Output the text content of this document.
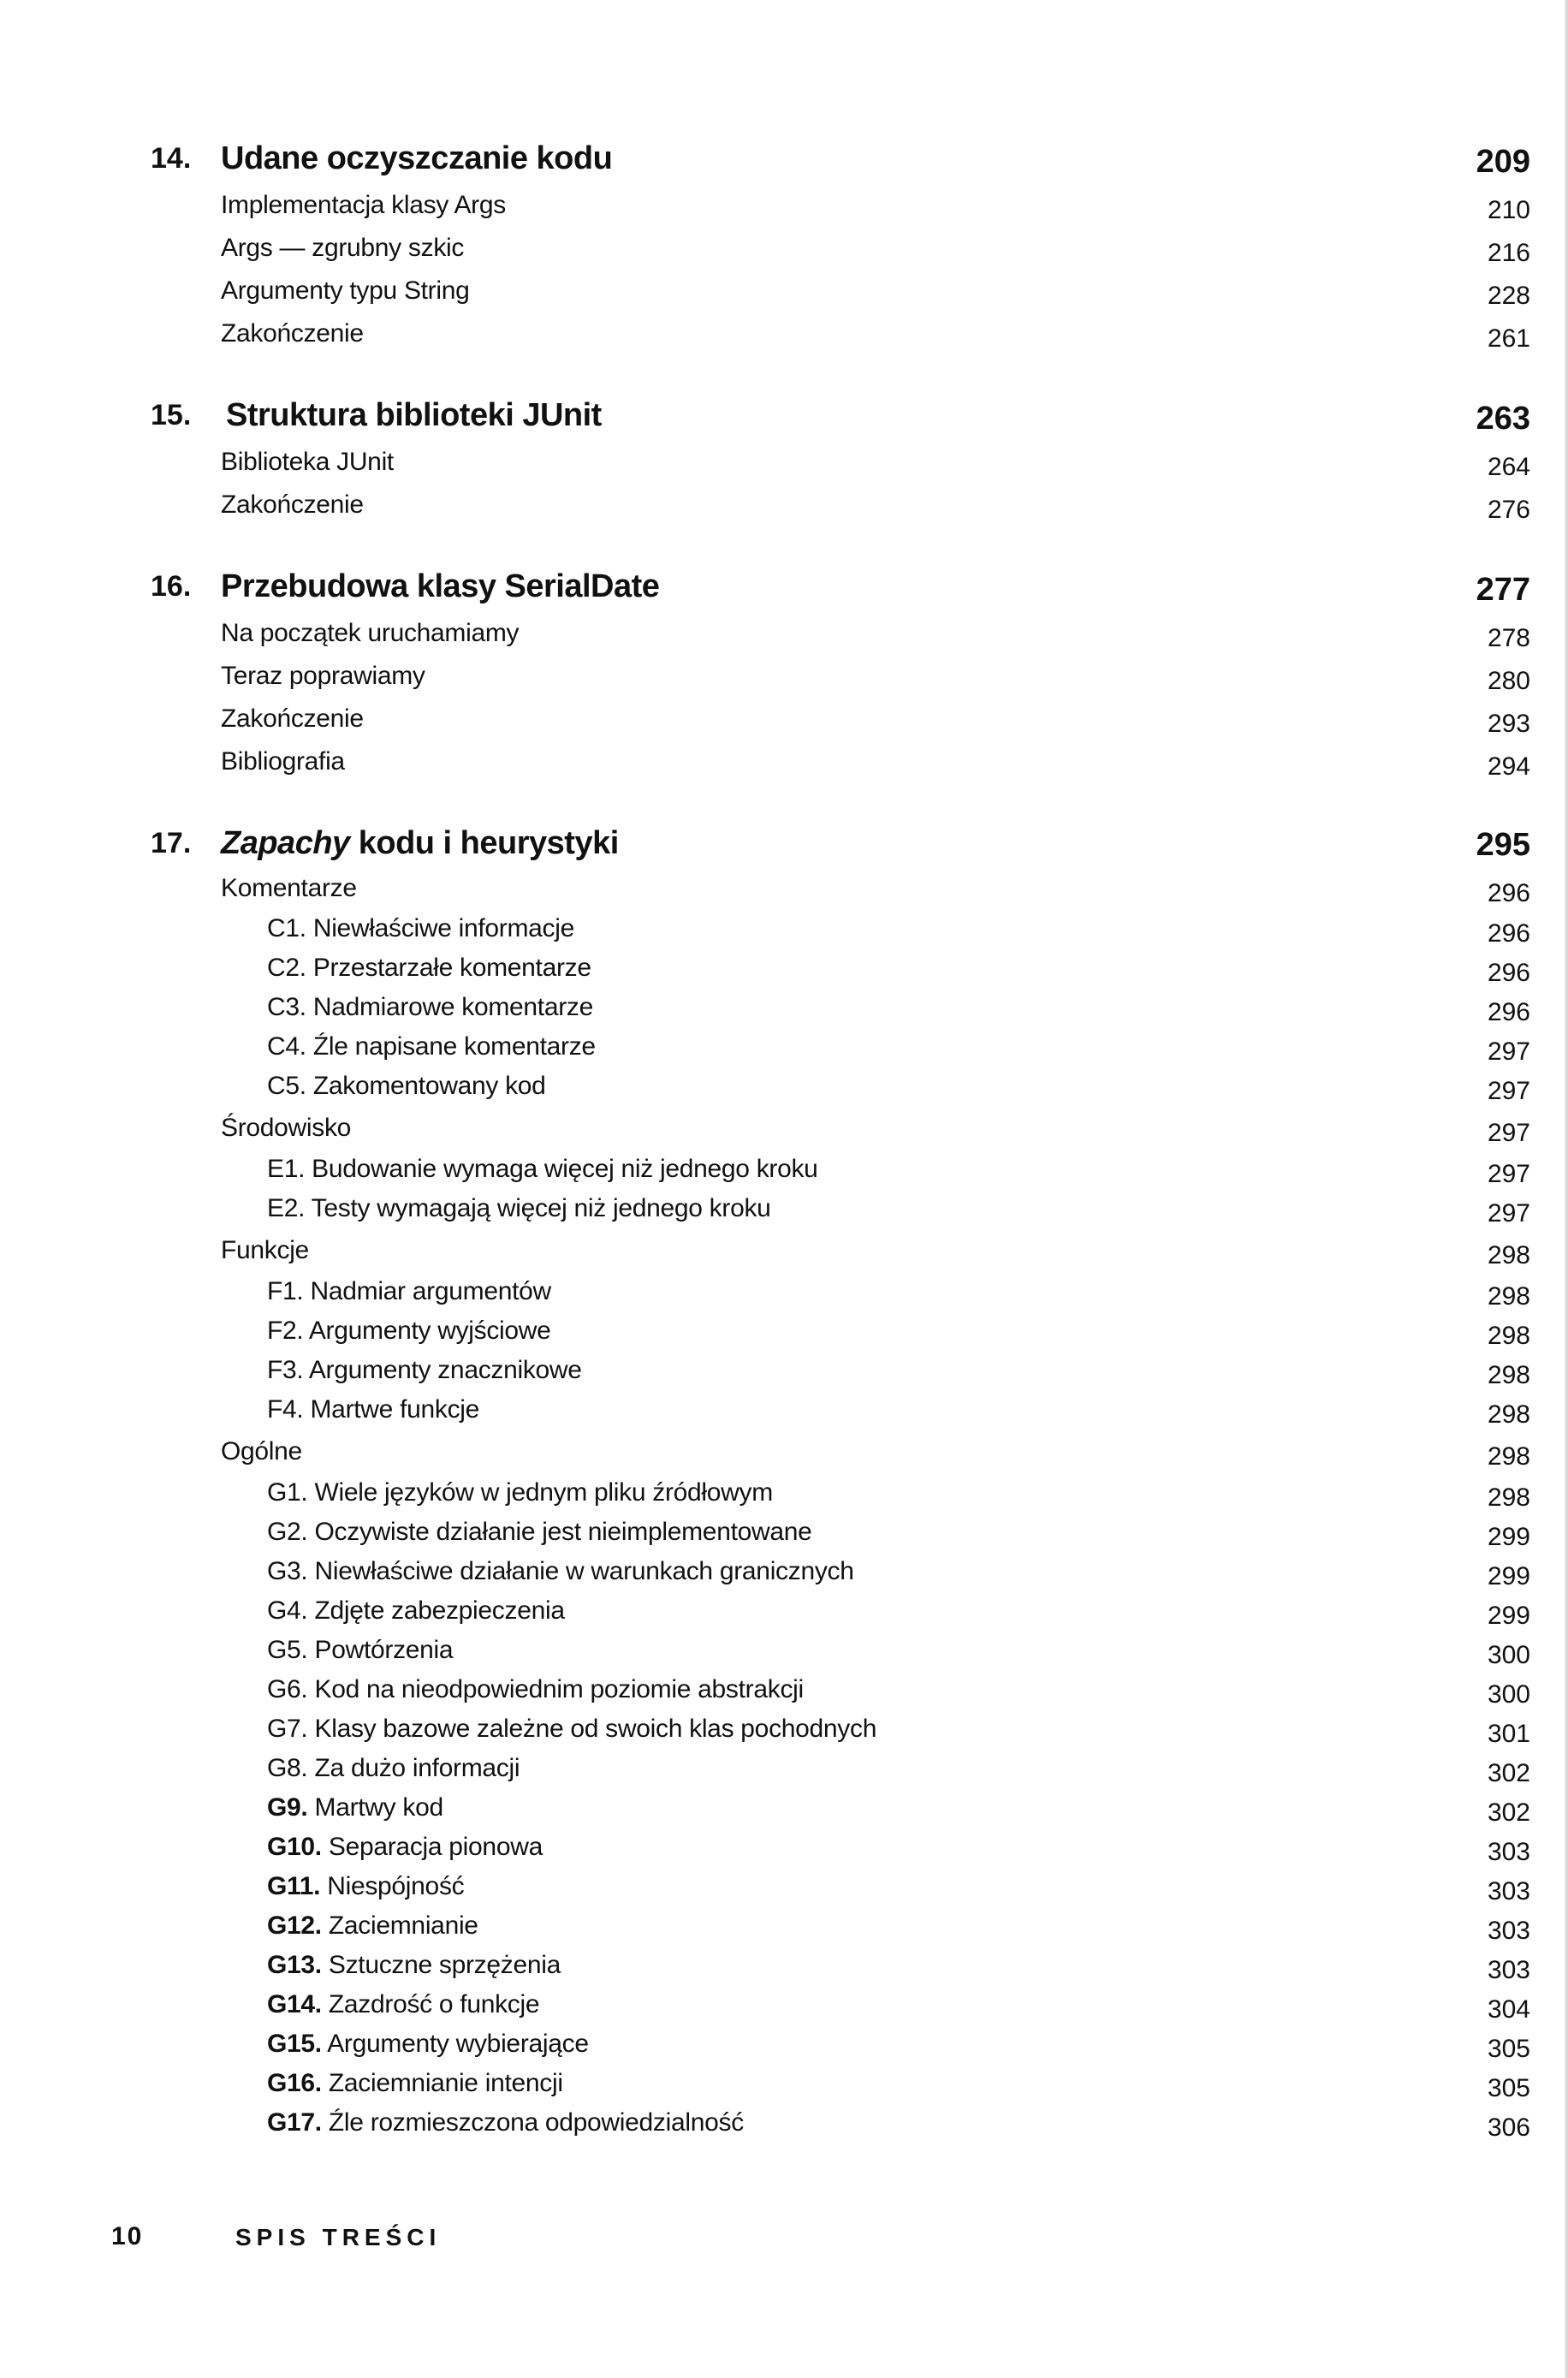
14. Udane oczyszczanie kodu	209
Implementacja klasy Args	210
Args — zgrubny szkic	216
Argumenty typu String	228
Zakończenie	261
15. Struktura biblioteki JUnit	263
Biblioteka JUnit	264
Zakończenie	276
16. Przebudowa klasy SerialDate	277
Na początek uruchamiamy	278
Teraz poprawiamy	280
Zakończenie	293
Bibliografia	294
17. Zapachy kodu i heurystyki	295
Komentarze	296
C1. Niewłaściwe informacje	296
C2. Przestarzałe komentarze	296
C3. Nadmiarowe komentarze	296
C4. Źle napisane komentarze	297
C5. Zakomentowany kod	297
Środowisko	297
E1. Budowanie wymaga więcej niż jednego kroku	297
E2. Testy wymagają więcej niż jednego kroku	297
Funkcje	298
F1. Nadmiar argumentów	298
F2. Argumenty wyjściowe	298
F3. Argumenty znacznikowe	298
F4. Martwe funkcje	298
Ogólne	298
G1. Wiele języków w jednym pliku źródłowym	298
G2. Oczywiste działanie jest nieimplementowane	299
G3. Niewłaściwe działanie w warunkach granicznych	299
G4. Zdjęte zabezpieczenia	299
G5. Powtórzenia	300
G6. Kod na nieodpowiednim poziomie abstrakcji	300
G7. Klasy bazowe zależne od swoich klas pochodnych	301
G8. Za dużo informacji	302
G9. Martwy kod	302
G10. Separacja pionowa	303
G11. Niespójność	303
G12. Zaciemnianie	303
G13. Sztuczne sprzężenia	303
G14. Zazdrość o funkcje	304
G15. Argumenty wybierające	305
G16. Zaciemnianie intencji	305
G17. Źle rozmieszczona odpowiedzialność	306
10	SPIS TREŚCI
